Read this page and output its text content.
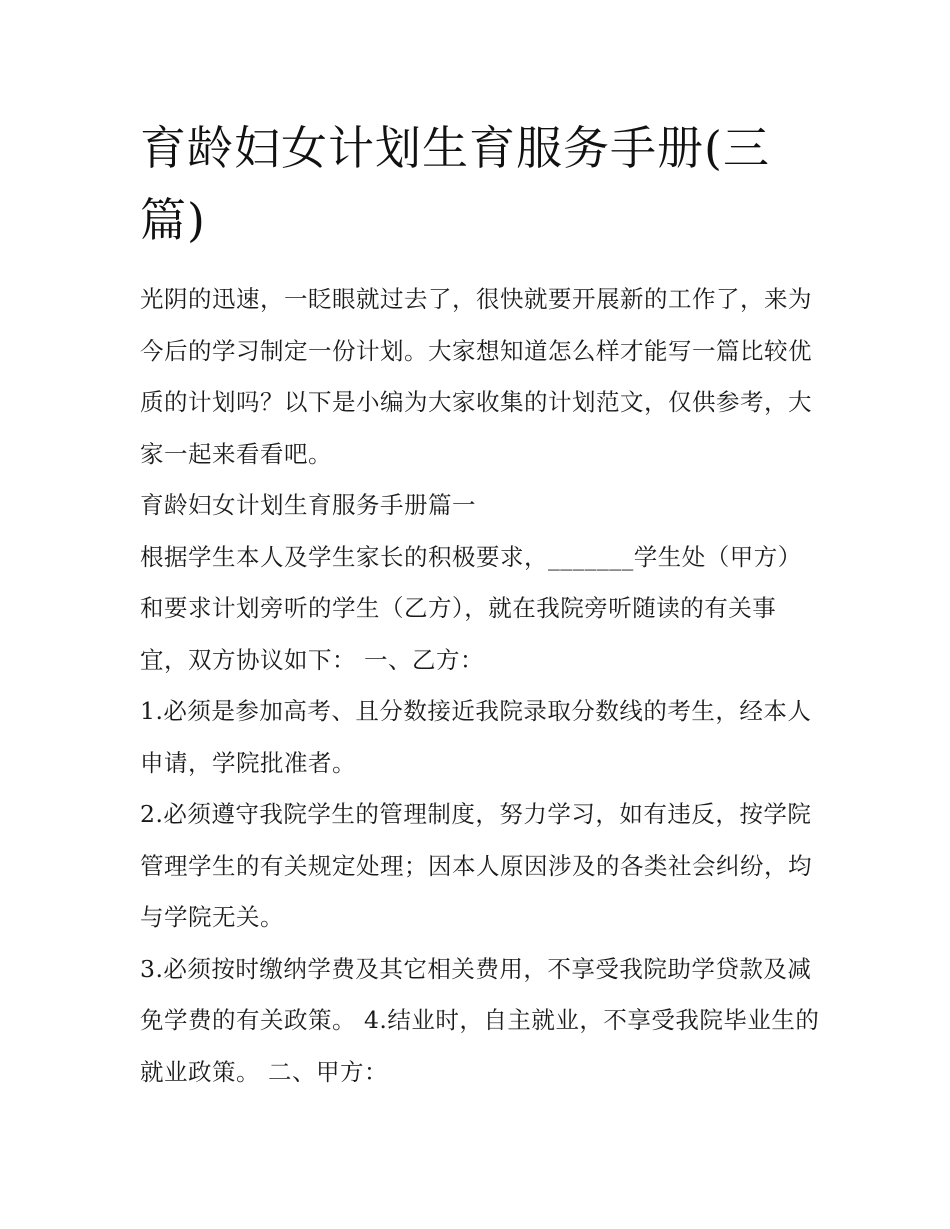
育龄妇女计划生育服务手册(三篇)

光阴的迅速，一眨眼就过去了，很快就要开展新的工作了，来为今后的学习制定一份计划。大家想知道怎么样才能写一篇比较优质的计划吗？以下是小编为大家收集的计划范文，仅供参考，大家一起来看看吧。

育龄妇女计划生育服务手册篇一

根据学生本人及学生家长的积极要求，_______学生处（甲方）和要求计划旁听的学生（乙方），就在我院旁听随读的有关事宜，双方协议如下： 一、乙方：

1.必须是参加高考、且分数接近我院录取分数线的考生，经本人申请，学院批准者。

2.必须遵守我院学生的管理制度，努力学习，如有违反，按学院管理学生的有关规定处理；因本人原因涉及的各类社会纠纷，均与学院无关。

3.必须按时缴纳学费及其它相关费用，不享受我院助学贷款及减免学费的有关政策。 4.结业时，自主就业，不享受我院毕业生的就业政策。 二、甲方：
